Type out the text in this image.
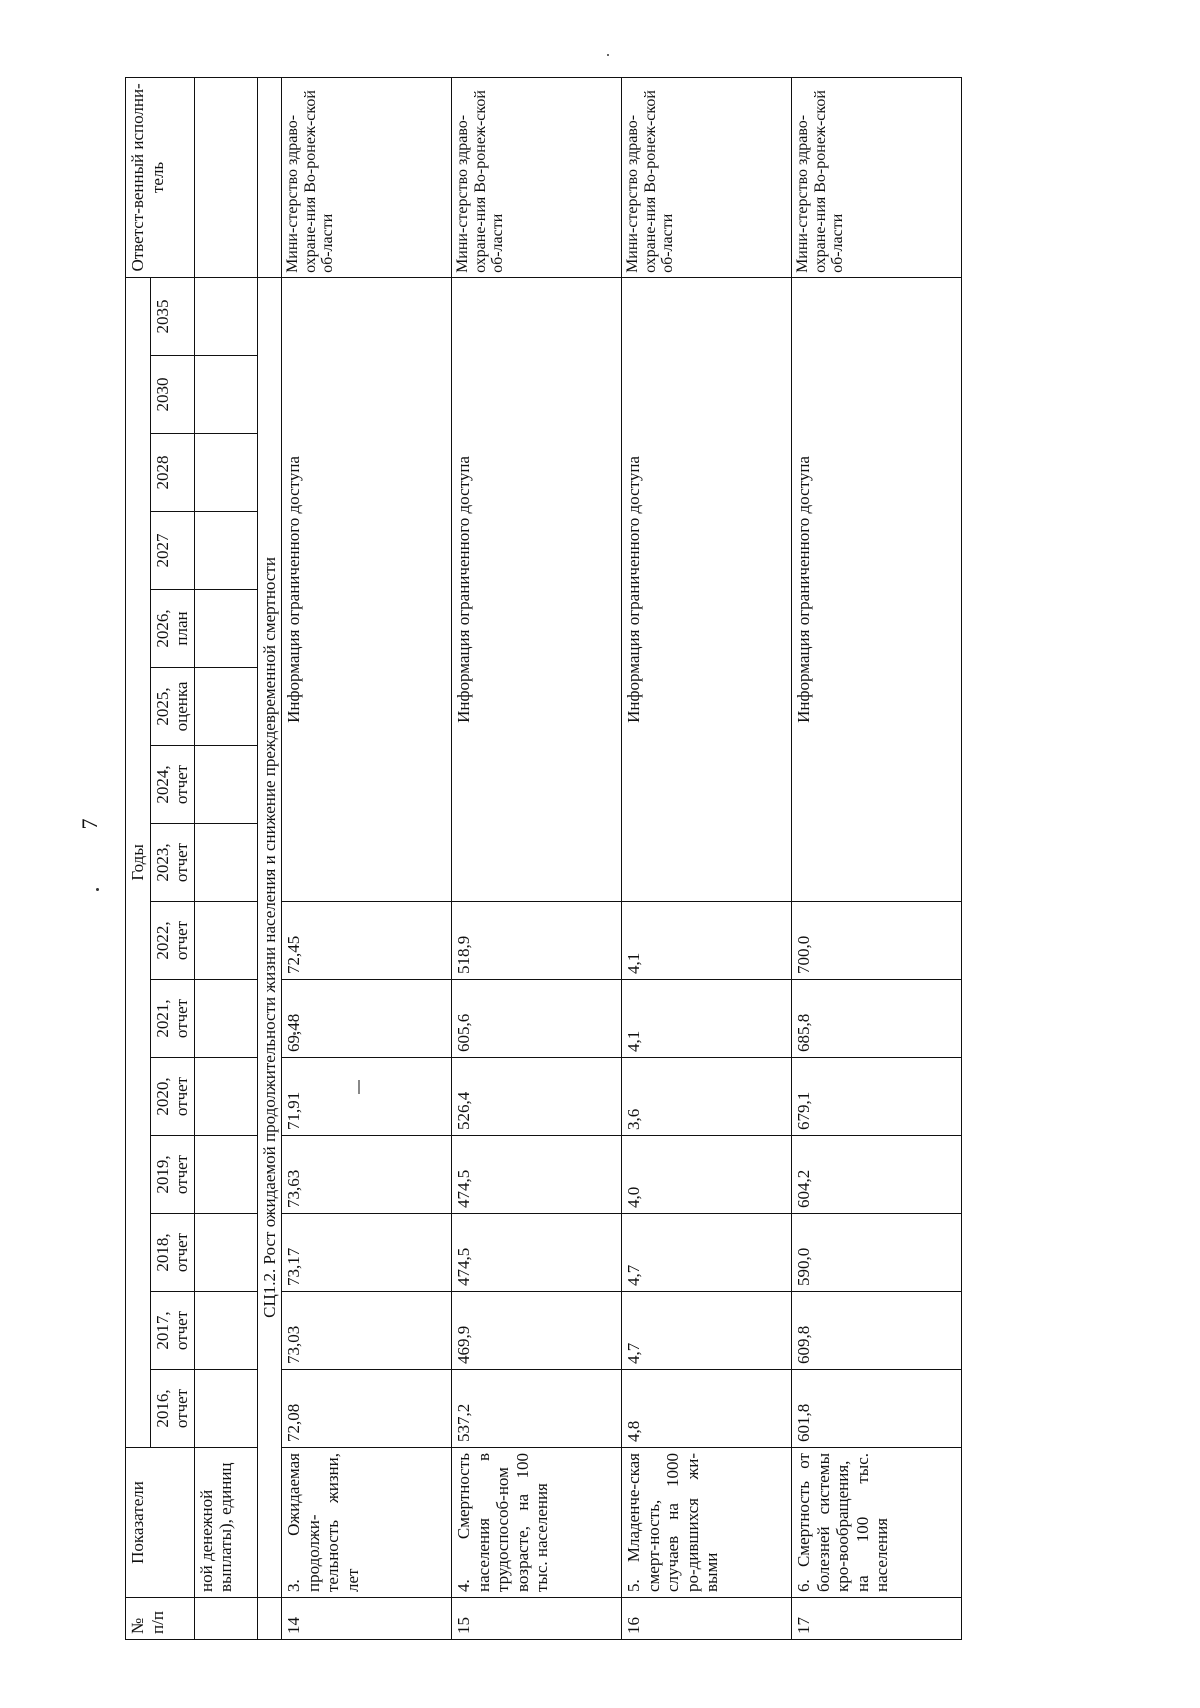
7
№ п/п	Показатели	Годы															Ответст-венный исполни-тель
		2016, отчет	2017, отчет	2018, отчет	2019, отчет	2020, отчет	2021, отчет	2022, отчет	2023, отчет	2024, отчет	2025, оценка	2026, план	2027	2028	2030	2035	
	ной денежной выплаты), единиц																
	СЦ1.2. Рост ожидаемой продолжительности жизни населения и снижение преждевременной смертности																
14	3. Ожидаемая продолжи-тельность жизни, лет	72,08	73,03	73,17	73,63	71,91	69,48	72,45	Информация ограниченного доступа								Мини-стерство здраво-охране-ния Во-ронеж-ской об-ласти
15	4. Смертность населения в трудоспособ-ном возрасте, на 100 тыс. населения	537,2	469,9	474,5	474,5	526,4	605,6	518,9	Информация ограниченного доступа								Мини-стерство здраво-охране-ния Во-ронеж-ской об-ласти
16	5. Младенче-ская смерт-ность, случаев на 1000 ро-дившихся жи-выми	4,8	4,7	4,7	4,0	3,6	4,1	4,1	Информация ограниченного доступа								Мини-стерство здраво-охране-ния Во-ронеж-ской об-ласти
17	6. Смертность от болезней системы кро-вообращения, на 100 тыс. населения	601,8	609,8	590,0	604,2	679,1	685,8	700,0	Информация ограниченного доступа								Мини-стерство здраво-охране-ния Во-ронеж-ской об-ласти
